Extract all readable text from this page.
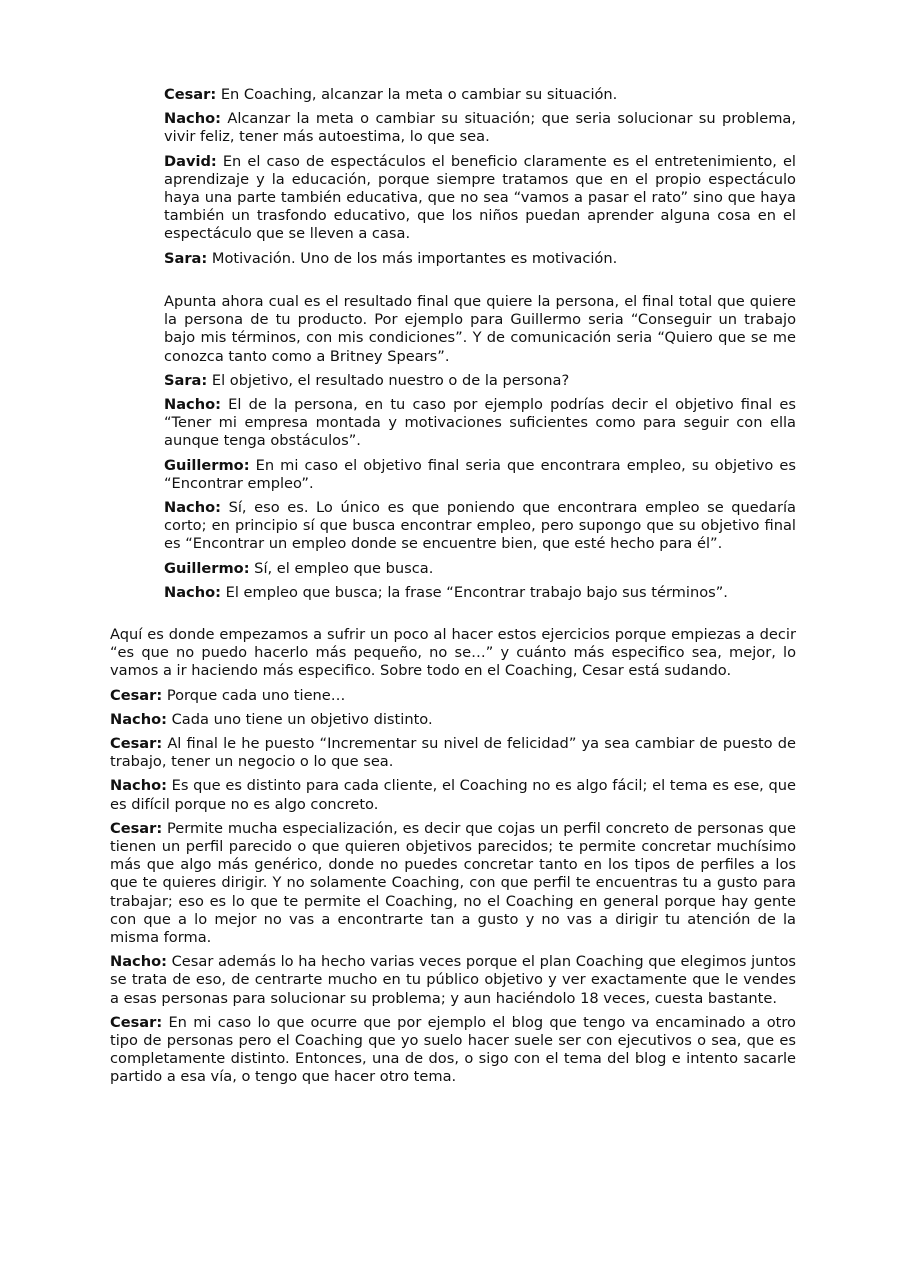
Cesar: En Coaching, alcanzar la meta o cambiar su situación.

Nacho: Alcanzar la meta o cambiar su situación; que seria solucionar su problema, vivir feliz, tener más autoestima, lo que sea.

David: En el caso de espectáculos el beneficio claramente es el entretenimiento, el aprendizaje y la educación, porque siempre tratamos que en el propio espectáculo haya una parte también educativa, que no sea “vamos a pasar el rato” sino que haya también un trasfondo educativo, que los niños puedan aprender alguna cosa en el espectáculo que se lleven a casa.

Sara: Motivación. Uno de los más importantes es motivación.

Apunta ahora cual es el resultado final que quiere la persona, el final total que quiere la persona de tu producto. Por ejemplo para Guillermo seria “Conseguir un trabajo bajo mis términos, con mis condiciones”. Y de comunicación seria “Quiero que se me conozca tanto como a Britney Spears”.

Sara: El objetivo, el resultado nuestro o de la persona?

Nacho: El de la persona, en tu caso por ejemplo podrías decir el objetivo final es “Tener mi empresa montada y motivaciones suficientes como para seguir con ella aunque tenga obstáculos”.

Guillermo: En mi caso el objetivo final seria que encontrara empleo, su objetivo es “Encontrar empleo”.

Nacho: Sí, eso es. Lo único es que poniendo que encontrara empleo se quedaría corto; en principio sí que busca encontrar empleo, pero supongo que su objetivo final es “Encontrar un empleo donde se encuentre bien, que esté hecho para él”.

Guillermo: Sí, el empleo que busca.

Nacho: El empleo que busca; la frase “Encontrar trabajo bajo sus términos”.

Aquí es donde empezamos a sufrir un poco al hacer estos ejercicios porque empiezas a decir “es que no puedo hacerlo más pequeño, no se…” y cuánto más especifico sea, mejor, lo vamos a ir haciendo más especifico. Sobre todo en el Coaching, Cesar está sudando.

Cesar: Porque cada uno tiene…

Nacho: Cada uno tiene un objetivo distinto.

Cesar: Al final le he puesto “Incrementar su nivel de felicidad” ya sea cambiar de puesto de trabajo, tener un negocio o lo que sea.

Nacho: Es que es distinto para cada cliente, el Coaching no es algo fácil; el tema es ese, que es difícil porque no es algo concreto.

Cesar: Permite mucha especialización, es decir que cojas un perfil concreto de personas que tienen un perfil parecido o que quieren objetivos parecidos; te permite concretar muchísimo más que algo más genérico, donde no puedes concretar tanto en los tipos de perfiles a los que te quieres dirigir. Y no solamente Coaching, con que perfil te encuentras tu a gusto para trabajar; eso es lo que te permite el Coaching, no el Coaching en general porque hay gente con que a lo mejor no vas a encontrarte tan a gusto y no vas a dirigir tu atención de la misma forma.

Nacho: Cesar además lo ha hecho varias veces porque el plan Coaching que elegimos juntos se trata de eso, de centrarte mucho en tu público objetivo y ver exactamente que le vendes a esas personas para solucionar su problema; y aun haciéndolo 18 veces, cuesta bastante.

Cesar: En mi caso lo que ocurre que por ejemplo el blog que tengo va encaminado a otro tipo de personas pero el Coaching que yo suelo hacer suele ser con ejecutivos o sea, que es completamente distinto. Entonces, una de dos, o sigo con el tema del blog e intento sacarle partido a esa vía, o tengo que hacer otro tema.
